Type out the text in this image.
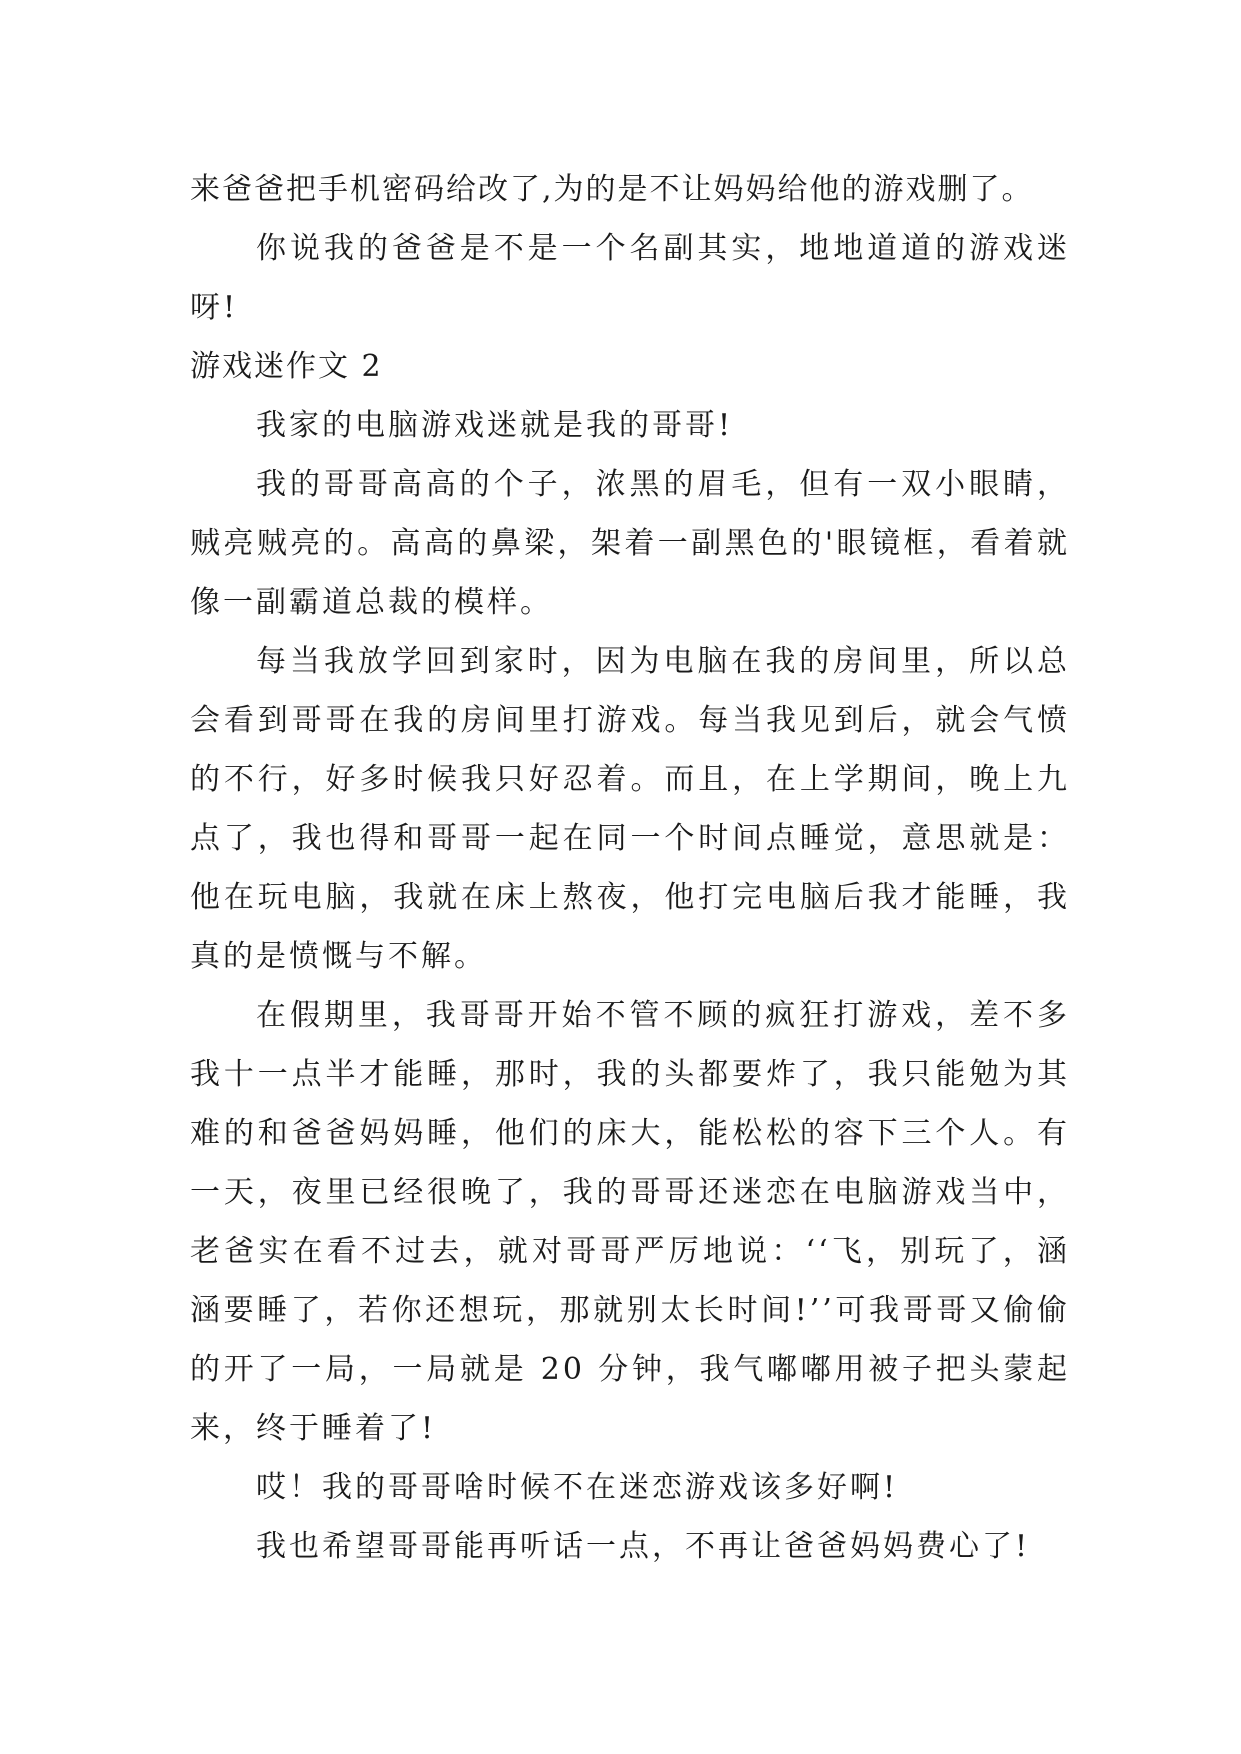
来爸爸把手机密码给改了,为的是不让妈妈给他的游戏删了。

你说我的爸爸是不是一个名副其实，地地道道的游戏迷呀!

游戏迷作文 2

我家的电脑游戏迷就是我的哥哥!

我的哥哥高高的个子，浓黑的眉毛，但有一双小眼睛，贼亮贼亮的。高高的鼻梁，架着一副黑色的'眼镜框，看着就像一副霸道总裁的模样。

每当我放学回到家时，因为电脑在我的房间里，所以总会看到哥哥在我的房间里打游戏。每当我见到后，就会气愤的不行，好多时候我只好忍着。而且，在上学期间，晚上九点了，我也得和哥哥一起在同一个时间点睡觉，意思就是：他在玩电脑，我就在床上熬夜，他打完电脑后我才能睡，我真的是愤慨与不解。

在假期里，我哥哥开始不管不顾的疯狂打游戏，差不多我十一点半才能睡，那时，我的头都要炸了，我只能勉为其难的和爸爸妈妈睡，他们的床大，能松松的容下三个人。有一天，夜里已经很晚了，我的哥哥还迷恋在电脑游戏当中，老爸实在看不过去，就对哥哥严厉地说：‘‘飞，别玩了，涵涵要睡了，若你还想玩，那就别太长时间!’’可我哥哥又偷偷的开了一局，一局就是 20 分钟，我气嘟嘟用被子把头蒙起来，终于睡着了!

哎！我的哥哥啥时候不在迷恋游戏该多好啊!

我也希望哥哥能再听话一点，不再让爸爸妈妈费心了!
